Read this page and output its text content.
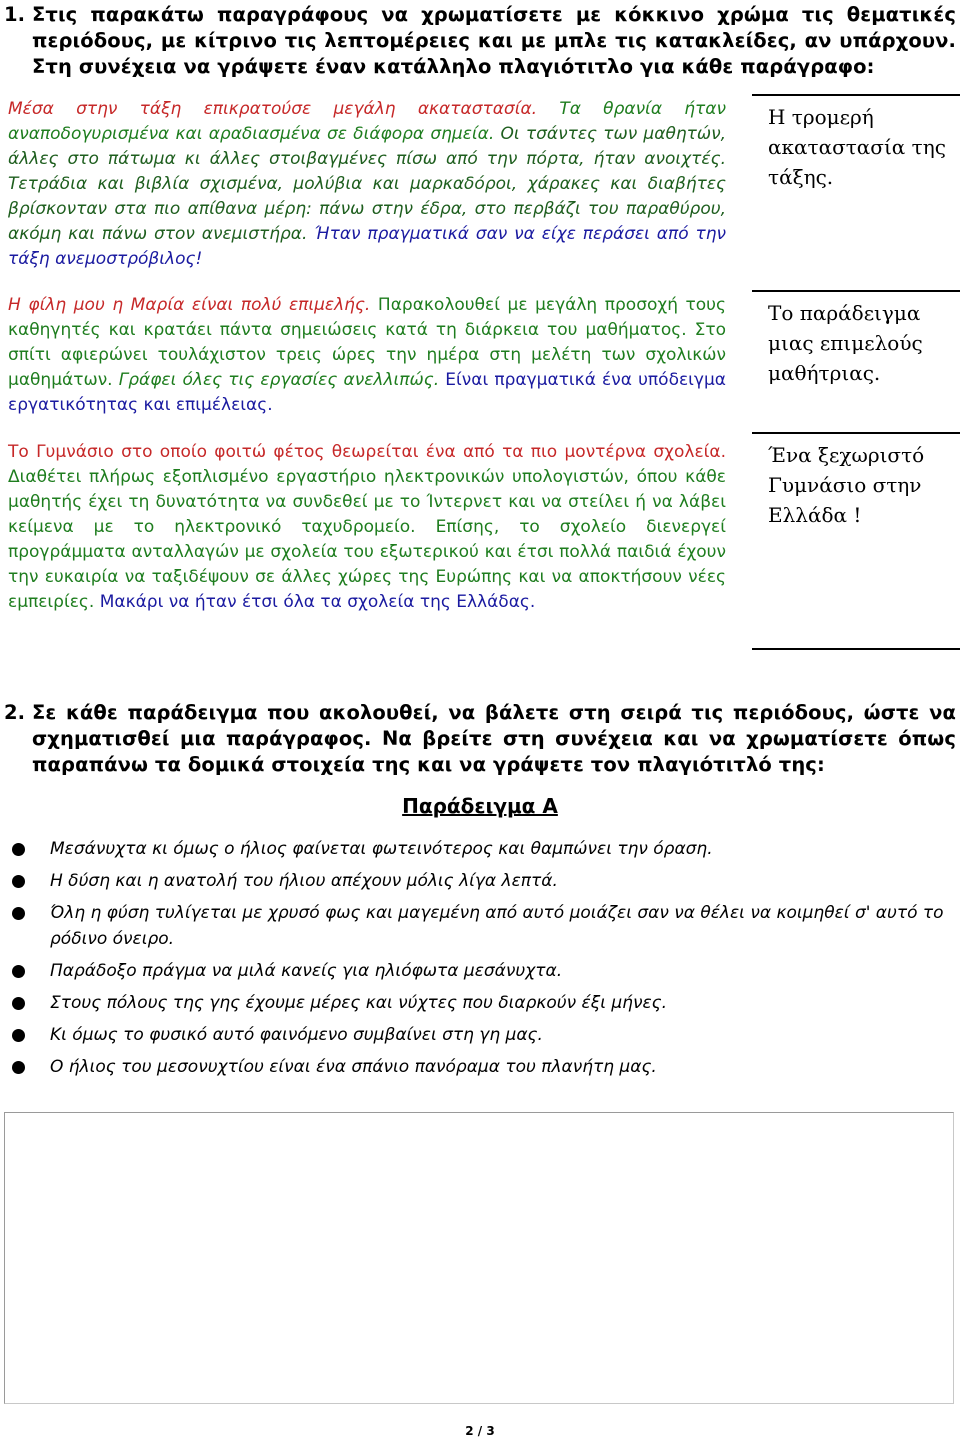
1. Στις παρακάτω παραγράφους να χρωματίσετε με κόκκινο χρώμα τις θεματικές περιόδους, με κίτρινο τις λεπτομέρειες και με μπλε τις κατακλείδες, αν υπάρχουν. Στη συνέχεια να γράψετε έναν κατάλληλο πλαγιότιτλο για κάθε παράγραφο:
Μέσα στην τάξη επικρατούσε μεγάλη ακαταστασία. Τα θρανία ήταν αναποδογυρισμένα και αραδιασμένα σε διάφορα σημεία. Οι τσάντες των μαθητών, άλλες στο πάτωμα κι άλλες στοιβαγμένες πίσω από την πόρτα, ήταν ανοιχτές. Τετράδια και βιβλία σχισμένα, μολύβια και μαρκαδόροι, χάρακες και διαβήτες βρίσκονταν στα πιο απίθανα μέρη: πάνω στην έδρα, στο περβάζι του παραθύρου, ακόμη και πάνω στον ανεμιστήρα. Ήταν πραγματικά σαν να είχε περάσει από την τάξη ανεμοστρόβιλος!
Η φίλη μου η Μαρία είναι πολύ επιμελής. Παρακολουθεί με μεγάλη προσοχή τους καθηγητές και κρατάει πάντα σημειώσεις κατά τη διάρκεια του μαθήματος. Στο σπίτι αφιερώνει τουλάχιστον τρεις ώρες την ημέρα στη μελέτη των σχολικών μαθημάτων. Γράφει όλες τις εργασίες ανελλιπώς. Είναι πραγματικά ένα υπόδειγμα εργατικότητας και επιμέλειας.
Το Γυμνάσιο στο οποίο φοιτώ φέτος θεωρείται ένα από τα πιο μοντέρνα σχολεία. Διαθέτει πλήρως εξοπλισμένο εργαστήριο ηλεκτρονικών υπολογιστών, όπου κάθε μαθητής έχει τη δυνατότητα να συνδεθεί με το Ίντερνετ και να στείλει ή να λάβει κείμενα με το ηλεκτρονικό ταχυδρομείο. Επίσης, το σχολείο διενεργεί προγράμματα ανταλλαγών με σχολεία του εξωτερικού και έτσι πολλά παιδιά έχουν την ευκαιρία να ταξιδέψουν σε άλλες χώρες της Ευρώπης και να αποκτήσουν νέες εμπειρίες. Μακάρι να ήταν έτσι όλα τα σχολεία της Ελλάδας.
Η τρομερή ακαταστασία της τάξης.
Το παράδειγμα μιας επιμελούς μαθήτριας.
Ένα ξεχωριστό Γυμνάσιο στην Ελλάδα !
2. Σε κάθε παράδειγμα που ακολουθεί, να βάλετε στη σειρά τις περιόδους, ώστε να σχηματισθεί μια παράγραφος. Να βρείτε στη συνέχεια και να χρωματίσετε όπως παραπάνω τα δομικά στοιχεία της και να γράψετε τον πλαγιότιτλό της:
Παράδειγμα Α
Μεσάνυχτα κι όμως ο ήλιος φαίνεται φωτεινότερος και θαμπώνει την όραση.
Η δύση και η ανατολή του ήλιου απέχουν μόλις λίγα λεπτά.
Όλη η φύση τυλίγεται με χρυσό φως και μαγεμένη από αυτό μοιάζει σαν να θέλει να κοιμηθεί σ' αυτό το ρόδινο όνειρο.
Παράδοξο πράγμα να μιλά κανείς για ηλιόφωτα μεσάνυχτα.
Στους πόλους της γης έχουμε μέρες και νύχτες που διαρκούν έξι μήνες.
Κι όμως το φυσικό αυτό φαινόμενο συμβαίνει στη γη μας.
Ο ήλιος του μεσονυχτίου είναι ένα σπάνιο πανόραμα του πλανήτη μας.
2 / 3
